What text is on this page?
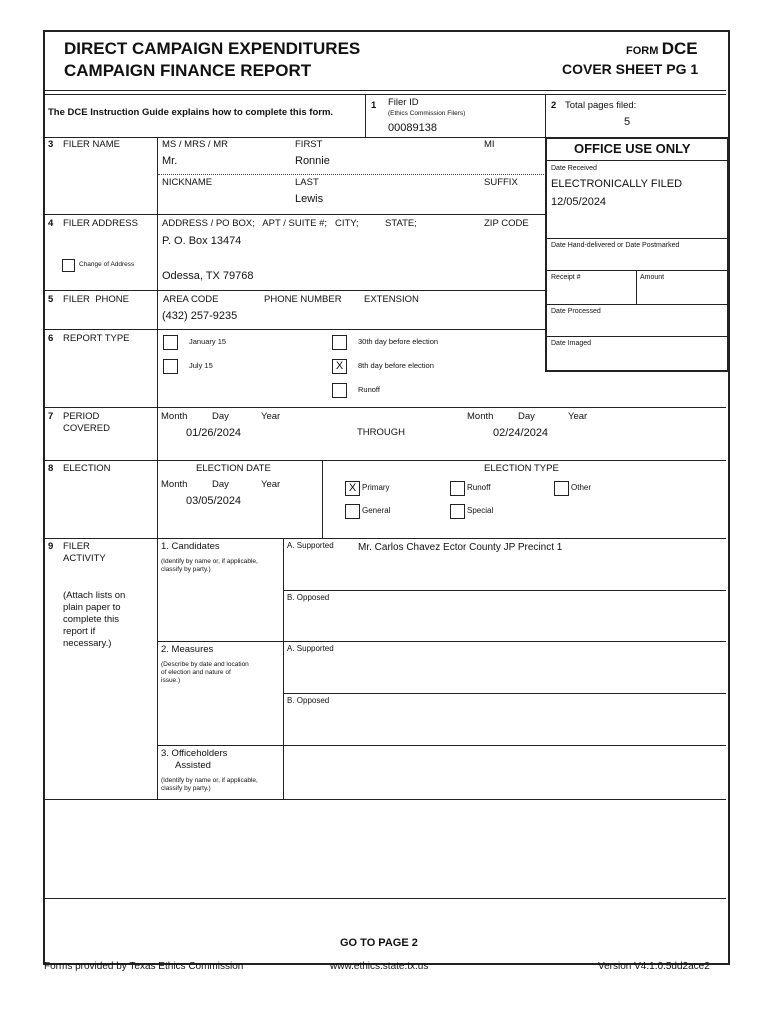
DIRECT CAMPAIGN EXPENDITURES
CAMPAIGN FINANCE REPORT
FORM DCE
COVER SHEET PG 1
The DCE Instruction Guide explains how to complete this form.
1 Filer ID
(Ethics Commission Filers)
00089138
2 Total pages filed:
5
3 FILER NAME	MS / MRS / MR
Mr.
FIRST
Ronnie
MI
NICKNAME	LAST
Lewis
SUFFIX
OFFICE USE ONLY
Date Received
ELECTRONICALLY FILED
12/05/2024
Date Hand-delivered or Date Postmarked
Receipt #	Amount
Date Processed
Date Imaged
4 FILER ADDRESS
Change of Address
ADDRESS / PO BOX;   APT / SUITE #;   CITY;          STATE;	ZIP CODE
P. O. Box 13474
Odessa, TX 79768
5 FILER  PHONE	AREA CODE	PHONE NUMBER EXTENSION
(432) 257-9235
6 REPORT TYPE	January 15
July 15
30th day before election
X	8th day before election
Runoff
7 PERIOD
COVERED
Month	Day	Year
01/26/2024	THROUGH
Month	Day	Year
02/24/2024
8 ELECTION	ELECTION DATE
Month	Day	Year
03/05/2024
ELECTION TYPE
X Primary	Runoff	Other
General	Special
9 FILER
ACTIVITY
(Attach lists on plain paper to complete this report if necessary.)
1. Candidates
(Identify by name or, if applicable, classify by party.)
A. Supported Mr. Carlos Chavez Ector County JP Precinct 1
B. Opposed
2. Measures
(Describe by date and location of election and nature of issue.)
A. Supported
B. Opposed
3. Officeholders
Assisted
(Identify by name or, if applicable, classify by party.)
GO TO PAGE 2
Forms provided by Texas Ethics Commission	www.ethics.state.tx.us	Version V4.1.0.5dd2ace2
